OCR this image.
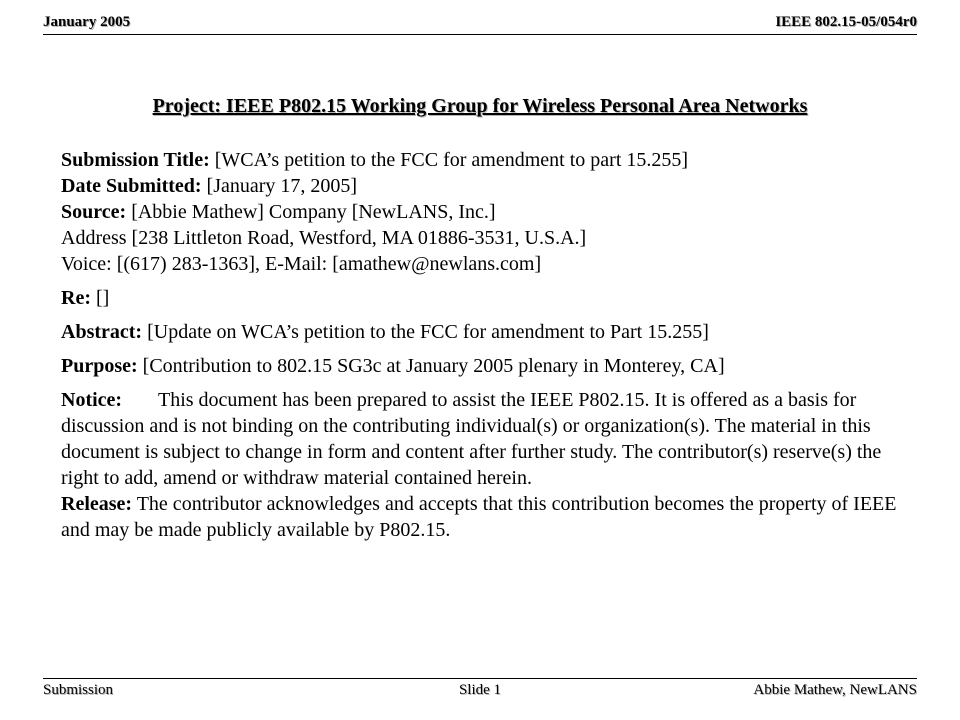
January 2005	IEEE 802.15-05/054r0
Project: IEEE P802.15 Working Group for Wireless Personal Area Networks

Submission Title: [WCA’s petition to the FCC for amendment to part 15.255]

Date Submitted: [January 17, 2005]

Source: [Abbie Mathew] Company [NewLANS, Inc.]

Address [238 Littleton Road, Westford, MA 01886-3531, U.S.A.]

Voice: [(617) 283-1363], E-Mail: [amathew@newlans.com]

Re: []

Abstract: [Update on WCA’s petition to the FCC for amendment to Part 15.255]

Purpose: [Contribution to 802.15 SG3c at January 2005 plenary in Monterey, CA]

Notice: This document has been prepared to assist the IEEE P802.15. It is offered as a basis for discussion and is not binding on the contributing individual(s) or organization(s). The material in this document is subject to change in form and content after further study. The contributor(s) reserve(s) the right to add, amend or withdraw material contained herein.

Release: The contributor acknowledges and accepts that this contribution becomes the property of IEEE and may be made publicly available by P802.15.

Submission	Slide 1	Abbie Mathew, NewLANS
